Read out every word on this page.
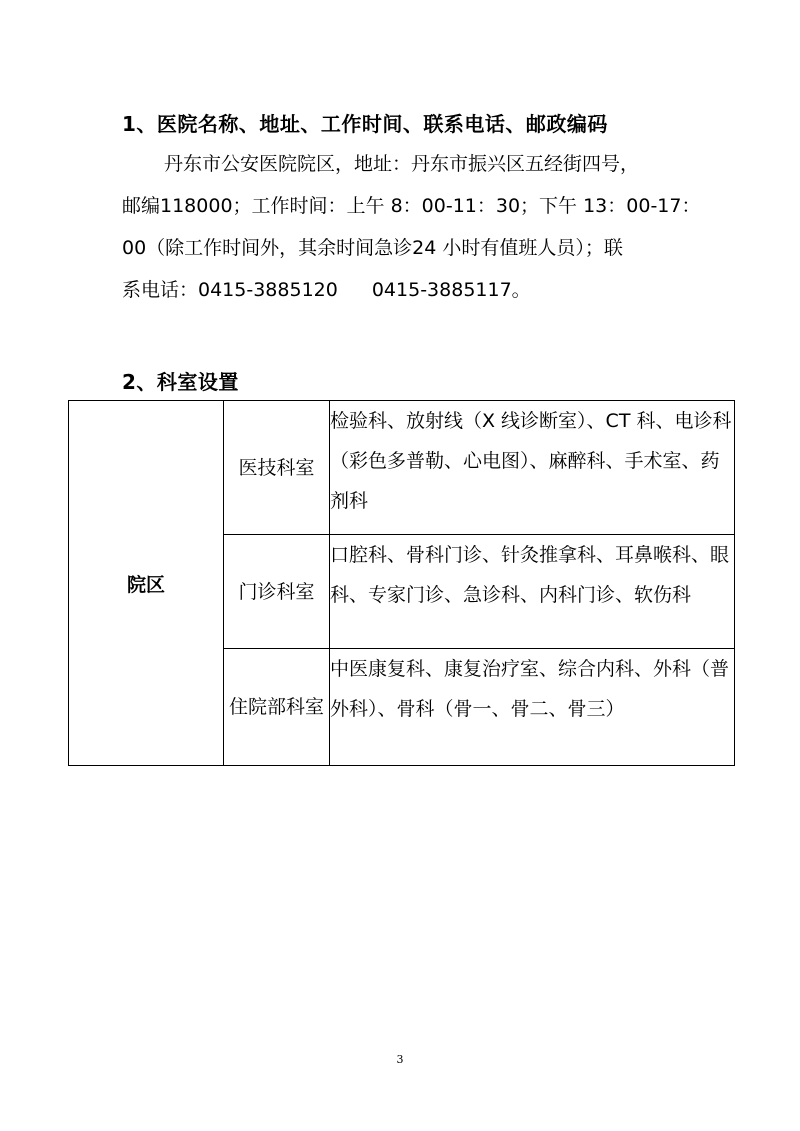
1、医院名称、地址、工作时间、联系电话、邮政编码
丹东市公安医院院区，地址：丹东市振兴区五经街四号，
邮编118000；工作时间：上午 8：00-11：30；下午 13：00-17：
00（除工作时间外，其余时间急诊24 小时有值班人员）；联
系电话：0415-3885120 0415-3885117。
2、科室设置
院区	医技科室	检验科、放射线（X 线诊断室）、CT 科、电诊科（彩色多普勒、心电图）、麻醉科、手术室、药剂科
	门诊科室	口腔科、骨科门诊、针灸推拿科、耳鼻喉科、眼科、专家门诊、急诊科、内科门诊、软伤科
	住院部科室	中医康复科、康复治疗室、综合内科、外科（普外科）、骨科（骨一、骨二、骨三）
3
